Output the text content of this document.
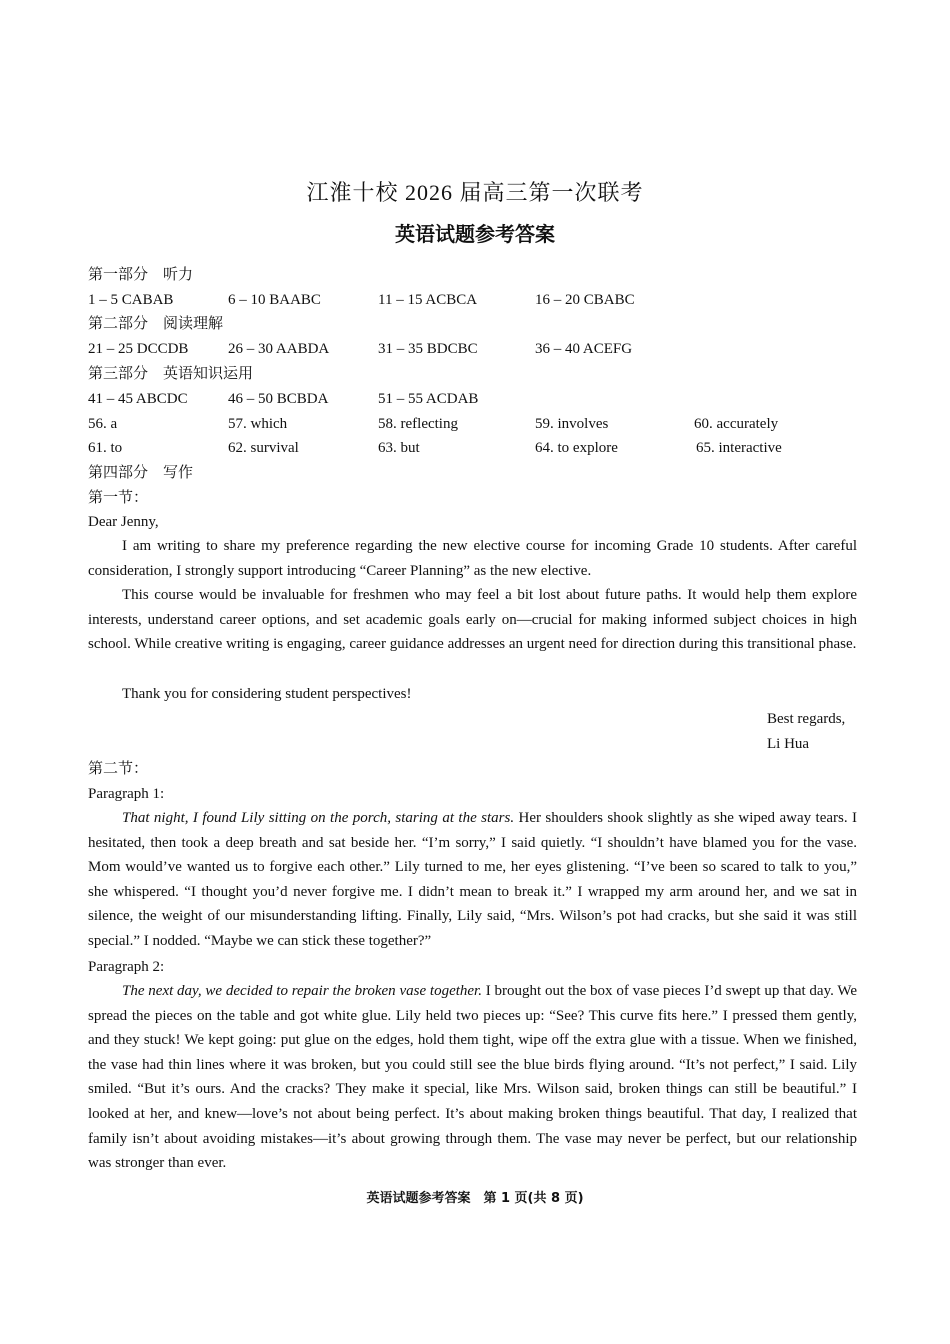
江淮十校 2026 届高三第一次联考
英语试题参考答案
第一部分　听力
1 – 5 CABAB	6 – 10 BAABC	11 – 15 ACBCA	16 – 20 CBABC
第二部分　阅读理解
21 – 25 DCCDB	26 – 30 AABDA	31 – 35 BDCBC	36 – 40 ACEFG
第三部分　英语知识运用
41 – 45 ABCDC	46 – 50 BCBDA	51 – 55 ACDAB
56. a	57. which	58. reflecting	59. involves	60. accurately
61. to	62. survival	63. but	64. to explore	65. interactive
第四部分　写作
第一节：
Dear Jenny,

I am writing to share my preference regarding the new elective course for incoming Grade 10 students. After careful consideration, I strongly support introducing “Career Planning” as the new elective.

This course would be invaluable for freshmen who may feel a bit lost about future paths. It would help them explore interests, understand career options, and set academic goals early on—crucial for making informed subject choices in high school. While creative writing is engaging, career guidance addresses an urgent need for direction during this transitional phase.

Thank you for considering student perspectives!

Best regards,
Li Hua
第二节：
Paragraph 1:

That night, I found Lily sitting on the porch, staring at the stars. Her shoulders shook slightly as she wiped away tears. I hesitated, then took a deep breath and sat beside her. “I’m sorry,” I said quietly. “I shouldn’t have blamed you for the vase. Mom would’ve wanted us to forgive each other.” Lily turned to me, her eyes glistening. “I’ve been so scared to talk to you,” she whispered. “I thought you’d never forgive me. I didn’t mean to break it.” I wrapped my arm around her, and we sat in silence, the weight of our misunderstanding lifting. Finally, Lily said, “Mrs. Wilson’s pot had cracks, but she said it was still special.” I nodded. “Maybe we can stick these together?”

Paragraph 2:

The next day, we decided to repair the broken vase together. I brought out the box of vase pieces I’d swept up that day. We spread the pieces on the table and got white glue. Lily held two pieces up: “See? This curve fits here.” I pressed them gently, and they stuck! We kept going: put glue on the edges, hold them tight, wipe off the extra glue with a tissue. When we finished, the vase had thin lines where it was broken, but you could still see the blue birds flying around. “It’s not perfect,” I said. Lily smiled. “But it’s ours. And the cracks? They make it special, like Mrs. Wilson said, broken things can still be beautiful.” I looked at her, and knew—love’s not about being perfect. It’s about making broken things beautiful. That day, I realized that family isn’t about avoiding mistakes—it’s about growing through them. The vase may never be perfect, but our relationship was stronger than ever.

英语试题参考答案　第 1 页(共 8 页)
